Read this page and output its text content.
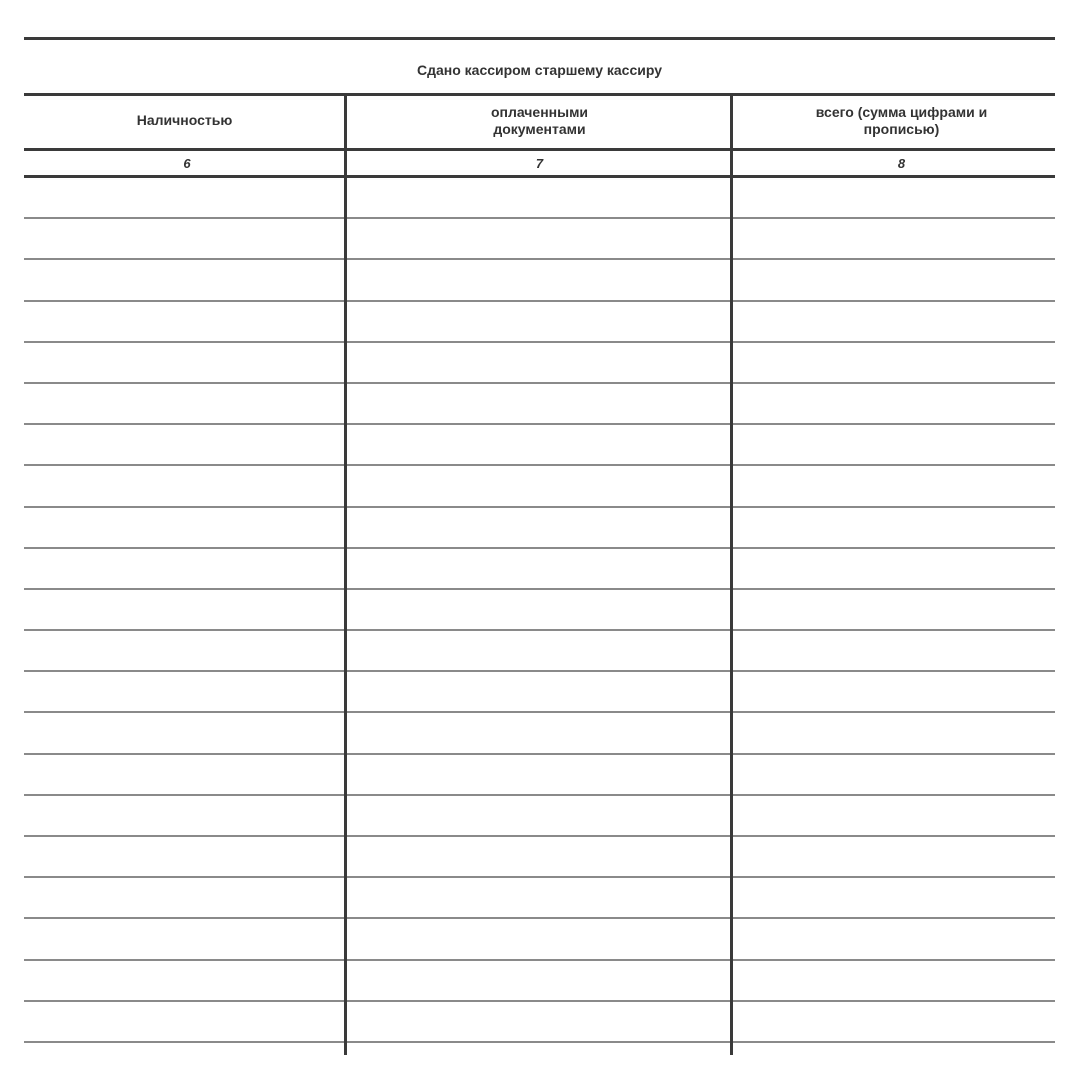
Сдано кассиром старшему кассиру
Наличностью
оплаченными
документами
всего (сумма цифрами и
прописью)
6	7	8
